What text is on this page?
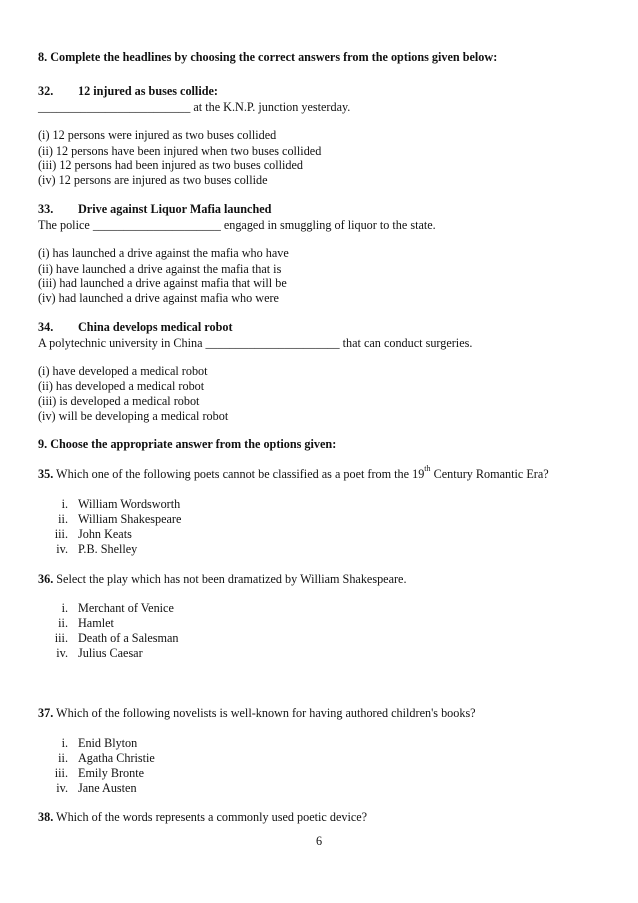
8. Complete the headlines by choosing the correct answers from the options given below:
32. 12 injured as buses collide:
_________________________ at the K.N.P. junction yesterday.
(i) 12 persons were injured as two buses collided
(ii) 12 persons have been injured when two buses collided
(iii) 12 persons had been injured as two buses collided
(iv) 12 persons are injured as two buses collide
33. Drive against Liquor Mafia launched
The police _____________________ engaged in smuggling of liquor to the state.
(i) has launched a drive against the mafia who have
(ii) have launched a drive against the mafia that is
(iii) had launched a drive against mafia that will be
(iv) had launched a drive against mafia who were
34. China develops medical robot
A polytechnic university in China ______________________ that can conduct surgeries.
(i) have developed a medical robot
(ii) has developed a medical robot
(iii) is developed a medical robot
(iv) will be developing a medical robot
9. Choose the appropriate answer from the options given:
35. Which one of the following poets cannot be classified as a poet from the 19th Century Romantic Era?
i. William Wordsworth
ii. William Shakespeare
iii. John Keats
iv. P.B. Shelley
36. Select the play which has not been dramatized by William Shakespeare.
i. Merchant of Venice
ii. Hamlet
iii. Death of a Salesman
iv. Julius Caesar
37. Which of the following novelists is well-known for having authored children's books?
i. Enid Blyton
ii. Agatha Christie
iii. Emily Bronte
iv. Jane Austen
38. Which of the words represents a commonly used poetic device?
6
